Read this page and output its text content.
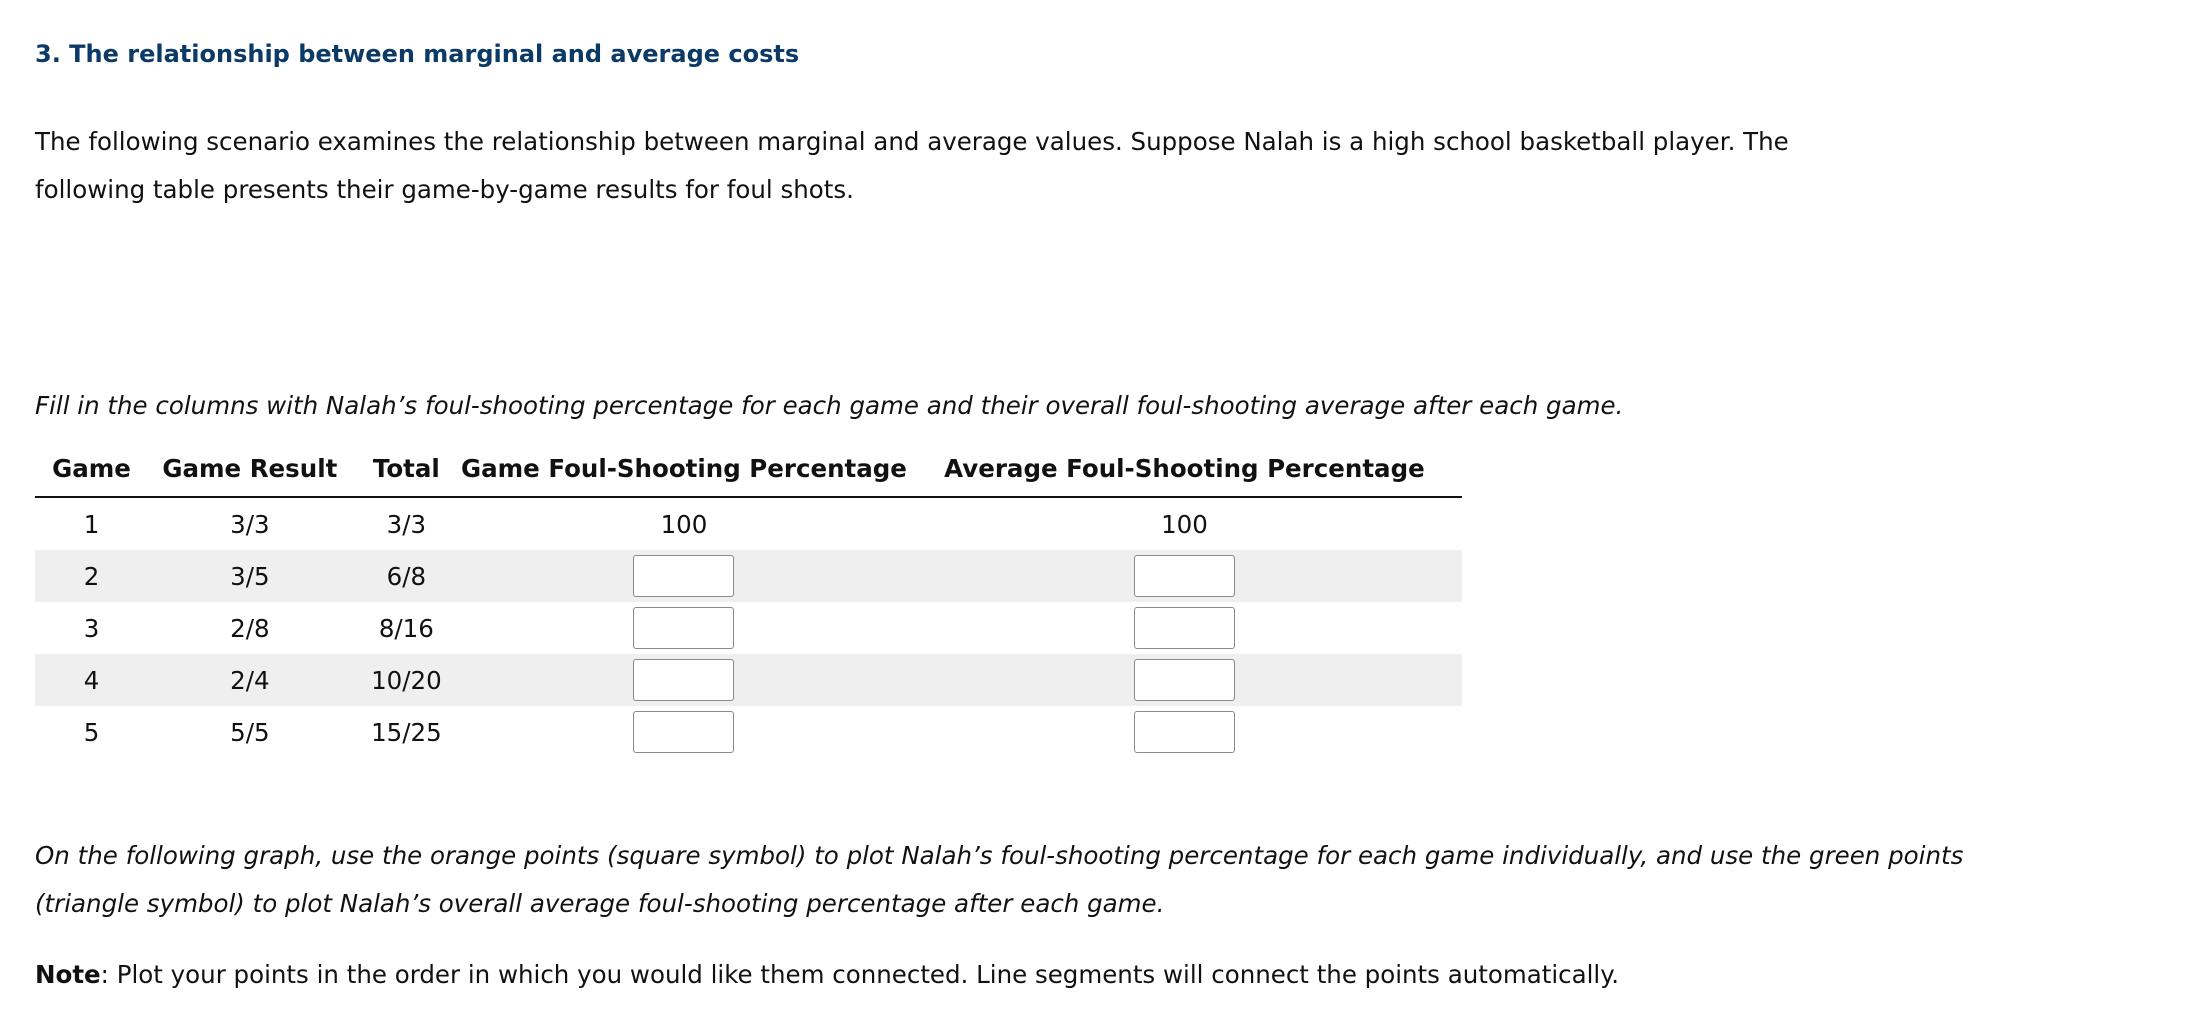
3. The relationship between marginal and average costs

The following scenario examines the relationship between marginal and average values. Suppose Nalah is a high school basketball player. The following table presents their game-by-game results for foul shots.

Fill in the columns with Nalah’s foul-shooting percentage for each game and their overall foul-shooting average after each game.

Game	Game Result	Total	Game Foul-Shooting Percentage	Average Foul-Shooting Percentage
1	3/3	3/3	100	100
2	3/5	6/8		
3	2/8	8/16		
4	2/4	10/20		
5	5/5	15/25		

On the following graph, use the orange points (square symbol) to plot Nalah’s foul-shooting percentage for each game individually, and use the green points (triangle symbol) to plot Nalah’s overall average foul-shooting percentage after each game.

Note: Plot your points in the order in which you would like them connected. Line segments will connect the points automatically.
